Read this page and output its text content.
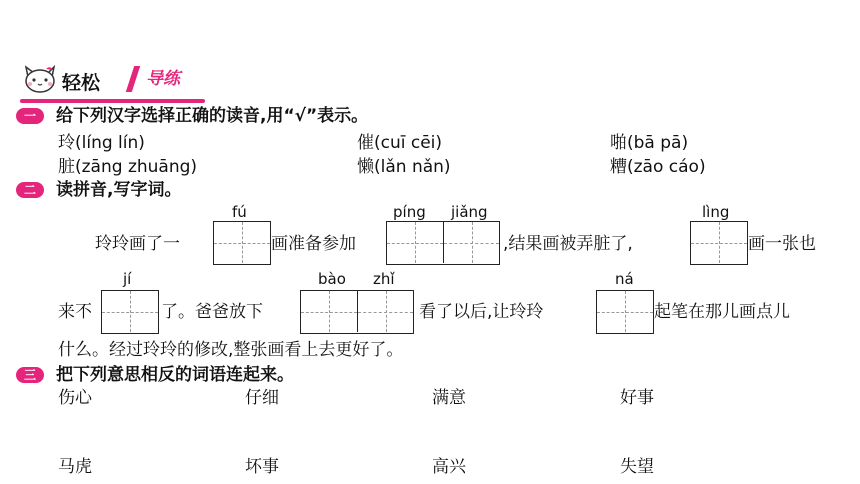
轻松	导练
一	给下列汉字选择正确的读音,用“√”表示。
玲(líng lín)	催(cuī cēi)	啪(bā pā)
脏(zāng zhuāng)	懒(lǎn nǎn)	糟(zāo cáo)
二	读拼音,写字词。
fú	píng jiǎng	lìng
玲玲画了一	画准备参加	,结果画被弄脏了,	画一张也
jí	bào zhǐ	ná
来不	了。爸爸放下	看了以后,让玲玲	起笔在那儿画点儿
什么。经过玲玲的修改,整张画看上去更好了。
三	把下列意思相反的词语连起来。
伤心	仔细	满意	好事
马虎	坏事	高兴	失望
